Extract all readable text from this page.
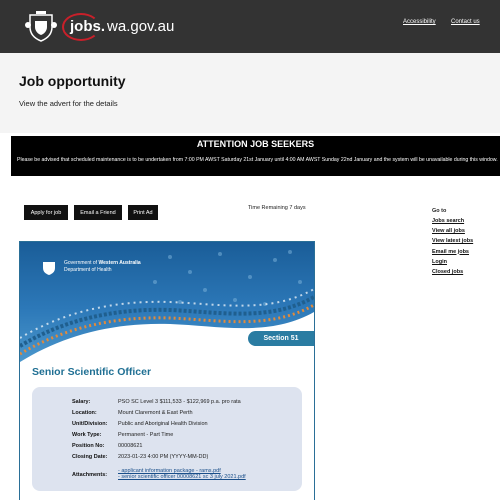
jobs. wa.gov.au	Accessibility	Contact us
Job opportunity

View the advert for the details

ATTENTION JOB SEEKERS

Please be advised that scheduled maintenance is to be undertaken from 7:00 PM AWST Saturday 21st January until 4:00 AM AWST Sunday 22nd January and the system will be unavailable during this window.

Apply for job	Email a Friend	Print Ad
Time Remaining 7 days	Go to
Jobs search
View all jobs
View latest jobs
Email me jobs
Login
Closed jobs
Government of Western Australia
Department of Health
Section 51
Senior Scientific Officer
Salary:	PSO SC Level 3 $111,533 - $122,969 p.a. pro rata
Location:	Mount Claremont & East Perth
Unit/Division:	Public and Aboriginal Health Division
Work Type:	Permanent - Part Time
Position No:	00008621
Closing Date:	2023-01-23 4:00 PM (YYYY-MM-DD)
Attachments:
- applicant information package - rams.pdf
- senior scientific officer 00008621 sc 3 july 2021.pdf
